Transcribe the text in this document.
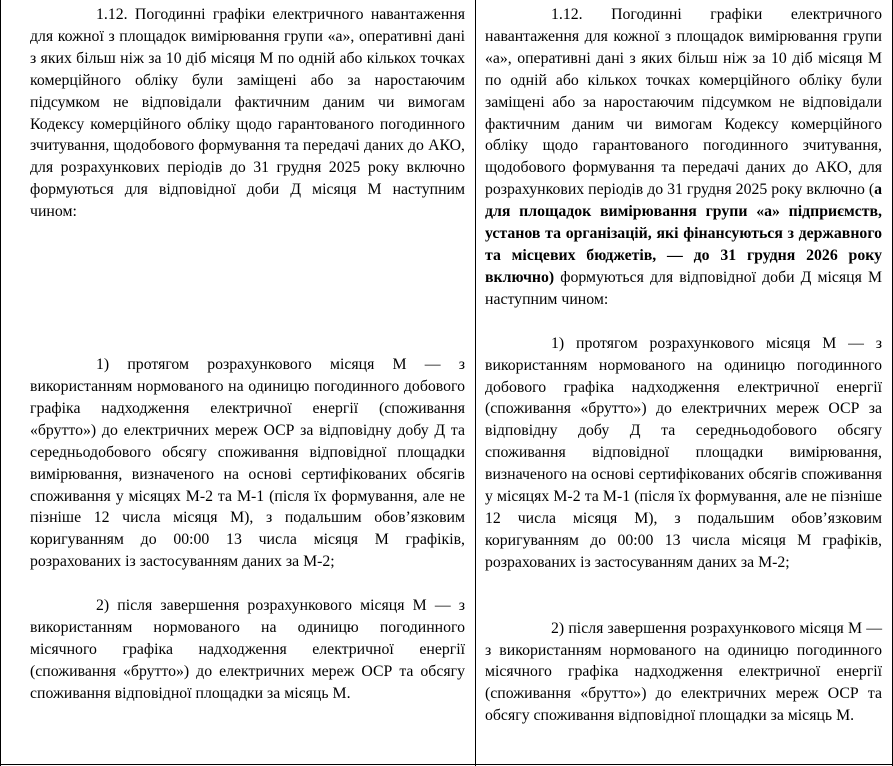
1.12. Погодинні графіки електричного навантаження для кожної з площадок вимірювання групи «а», оперативні дані з яких більш ніж за 10 діб місяця М по одній або кількох точках комерційного обліку були заміщені або за наростаючим підсумком не відповідали фактичним даним чи вимогам Кодексу комерційного обліку щодо гарантованого погодинного зчитування, щодобового формування та передачі даних до АКО, для розрахункових періодів до 31 грудня 2025 року включно формуються для відповідної доби Д місяця М наступним чином:

1) протягом розрахункового місяця М — з використанням нормованого на одиницю погодинного добового графіка надходження електричної енергії (споживання «брутто») до електричних мереж ОСР за відповідну добу Д та середньодобового обсягу споживання відповідної площадки вимірювання, визначеного на основі сертифікованих обсягів споживання у місяцях М-2 та М-1 (після їх формування, але не пізніше 12 числа місяця М), з подальшим обов’язковим коригуванням до 00:00 13 числа місяця М графіків, розрахованих із застосуванням даних за М-2;

2) після завершення розрахункового місяця М — з використанням нормованого на одиницю погодинного місячного графіка надходження електричної енергії (споживання «брутто») до електричних мереж ОСР та обсягу споживання відповідної площадки за місяць М.

1.12. Погодинні графіки електричного навантаження для кожної з площадок вимірювання групи «а», оперативні дані з яких більш ніж за 10 діб місяця М по одній або кількох точках комерційного обліку були заміщені або за наростаючим підсумком не відповідали фактичним даним чи вимогам Кодексу комерційного обліку щодо гарантованого погодинного зчитування, щодобового формування та передачі даних до АКО, для розрахункових періодів до 31 грудня 2025 року включно (а для площадок вимірювання групи «а» підприємств, установ та організацій, які фінансуються з державного та місцевих бюджетів, — до 31 грудня 2026 року включно) формуються для відповідної доби Д місяця М наступним чином:

1) протягом розрахункового місяця М — з використанням нормованого на одиницю погодинного добового графіка надходження електричної енергії (споживання «брутто») до електричних мереж ОСР за відповідну добу Д та середньодобового обсягу споживання відповідної площадки вимірювання, визначеного на основі сертифікованих обсягів споживання у місяцях М-2 та М-1 (після їх формування, але не пізніше 12 числа місяця М), з подальшим обов’язковим коригуванням до 00:00 13 числа місяця М графіків, розрахованих із застосуванням даних за М-2;

2) після завершення розрахункового місяця М — з використанням нормованого на одиницю погодинного місячного графіка надходження електричної енергії (споживання «брутто») до електричних мереж ОСР та обсягу споживання відповідної площадки за місяць М.
